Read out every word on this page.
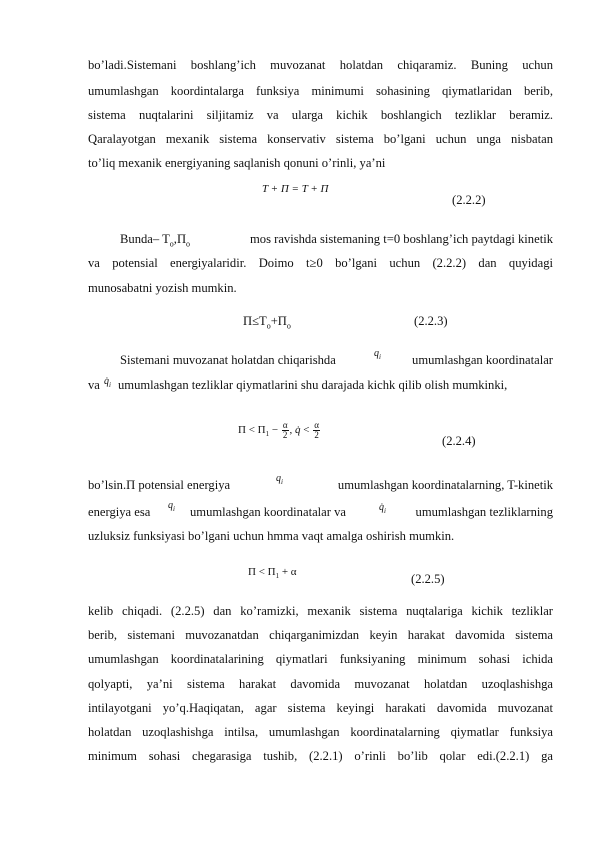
bo’ladi.Sistemani boshlang’ich muvozanat holatdan chiqaramiz. Buning uchun
umumlashgan koordintalarga funksiya minimumi sohasining qiymatlaridan berib,
sistema nuqtalarini siljitamiz va ularga kichik boshlangich tezliklar beramiz.
Qaralayotgan mexanik sistema konservativ sistema bo’lgani uchun unga nisbatan
to’liq mexanik energiyaning saqlanish qonuni o’rinli, ya’ni
T + П = T + П
(2.2.2)
Bunda– $T_o,П_o$	mos ravishda sistemaning t=0 boshlang’ich paytdagi kinetik
va potensial energiyalaridir. Doimo t≥0 bo’lgani uchun (2.2.2) dan quyidagi
munosabatni yozish mumkin.
$П\le T_o+П_o$	(2.2.3)
Sistemani muvozanat holatdan chiqarishda	$q_i$ umumlashgan koordinatalar
va $q̇_i$ umumlashgan tezliklar qiymatlarini shu darajada kichk qilib olish mumkinki,
$П < П_1 - \frac{\alpha}{2}$ , q̇ < $\frac{\alpha}{2}$
(2.2.4)
bo’lsin.П potensial energiya	$q_i$	umumlashgan koordinatalarning, T-kinetik
energiya esa $q_i$ umumlashgan koordinatalar va	$q̇_i$ umumlashgan tezliklarning
uzluksiz funksiyasi bo’lgani uchun hmma vaqt amalga oshirish mumkin.
$П < П_1 + \alpha$	(2.2.5)
kelib chiqadi. (2.2.5) dan ko’ramizki, mexanik sistema nuqtalariga kichik tezliklar
berib, sistemani muvozanatdan chiqarganimizdan keyin harakat davomida sistema
umumlashgan koordinatalarining qiymatlari funksiyaning minimum sohasi ichida
qolyapti, ya’ni sistema harakat davomida muvozanat holatdan uzoqlashishga
intilayotgani yo’q.Haqiqatan, agar sistema keyingi harakati davomida muvozanat
holatdan uzoqlashishga intilsa, umumlashgan koordinatalarning qiymatlar funksiya
minimum sohasi chegarasiga tushib, (2.2.1) o’rinli bo’lib qolar edi.(2.2.1) ga
